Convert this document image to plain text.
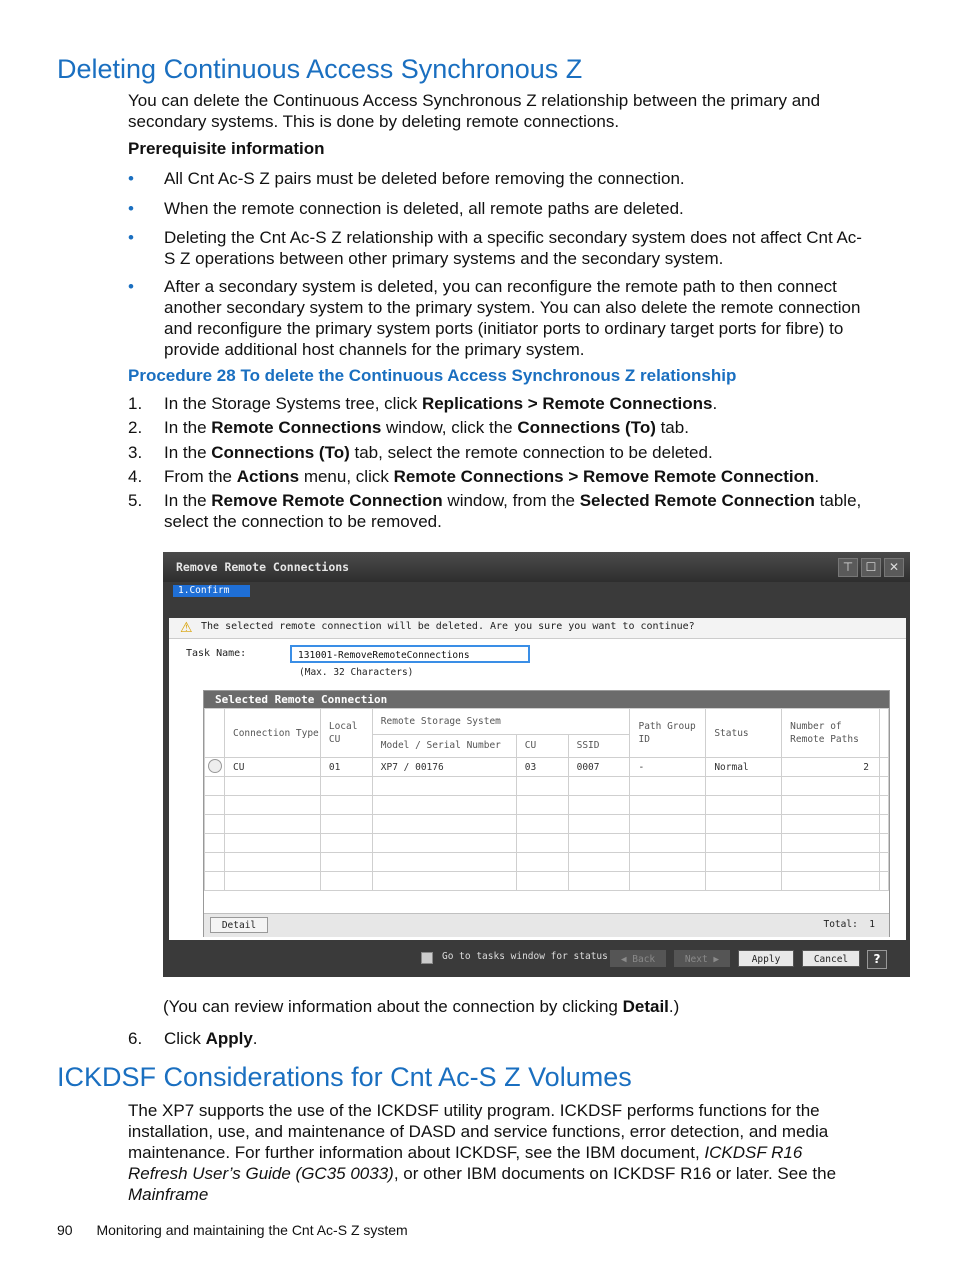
Deleting Continuous Access Synchronous Z

You can delete the Continuous Access Synchronous Z relationship between the primary and secondary systems. This is done by deleting remote connections.

Prerequisite information

• All Cnt Ac-S Z pairs must be deleted before removing the connection.
• When the remote connection is deleted, all remote paths are deleted.
• Deleting the Cnt Ac-S Z relationship with a specific secondary system does not affect Cnt Ac-S Z operations between other primary systems and the secondary system.
• After a secondary system is deleted, you can reconfigure the remote path to then connect another secondary system to the primary system. You can also delete the remote connection and reconfigure the primary system ports (initiator ports to ordinary target ports for fibre) to provide additional host channels for the primary system.
Procedure 28 To delete the Continuous Access Synchronous Z relationship
1. In the Storage Systems tree, click Replications > Remote Connections.
2. In the Remote Connections window, click the Connections (To) tab.
3. In the Connections (To) tab, select the remote connection to be deleted.
4. From the Actions menu, click Remote Connections > Remove Remote Connection.
5. In the Remove Remote Connection window, from the Selected Remote Connection table, select the connection to be removed.
Remove Remote Connections	⊤	☐	✕
1.Confirm
⚠ The selected remote connection will be deleted. Are you sure you want to continue?
Task Name:	131001-RemoveRemoteConnections
(Max. 32 Characters)
Selected Remote Connection
	Connection Type	Local CU	Remote Storage System			Path Group ID	Status	Number of Remote Paths	
			Model / Serial Number	CU	SSID				
	CU	01	XP7 / 00176	03	0007	-	Normal	2	

Detail	Total: 1
Go to tasks window for status	◀ Back	Next ▶	Apply	Cancel	?
(You can review information about the connection by clicking Detail.)
6. Click Apply.
ICKDSF Considerations for Cnt Ac-S Z Volumes

The XP7 supports the use of the ICKDSF utility program. ICKDSF performs functions for the installation, use, and maintenance of DASD and service functions, error detection, and media maintenance. For further information about ICKDSF, see the IBM document, ICKDSF R16 Refresh User’s Guide (GC35 0033), or other IBM documents on ICKDSF R16 or later. See the Mainframe

90 Monitoring and maintaining the Cnt Ac-S Z system
